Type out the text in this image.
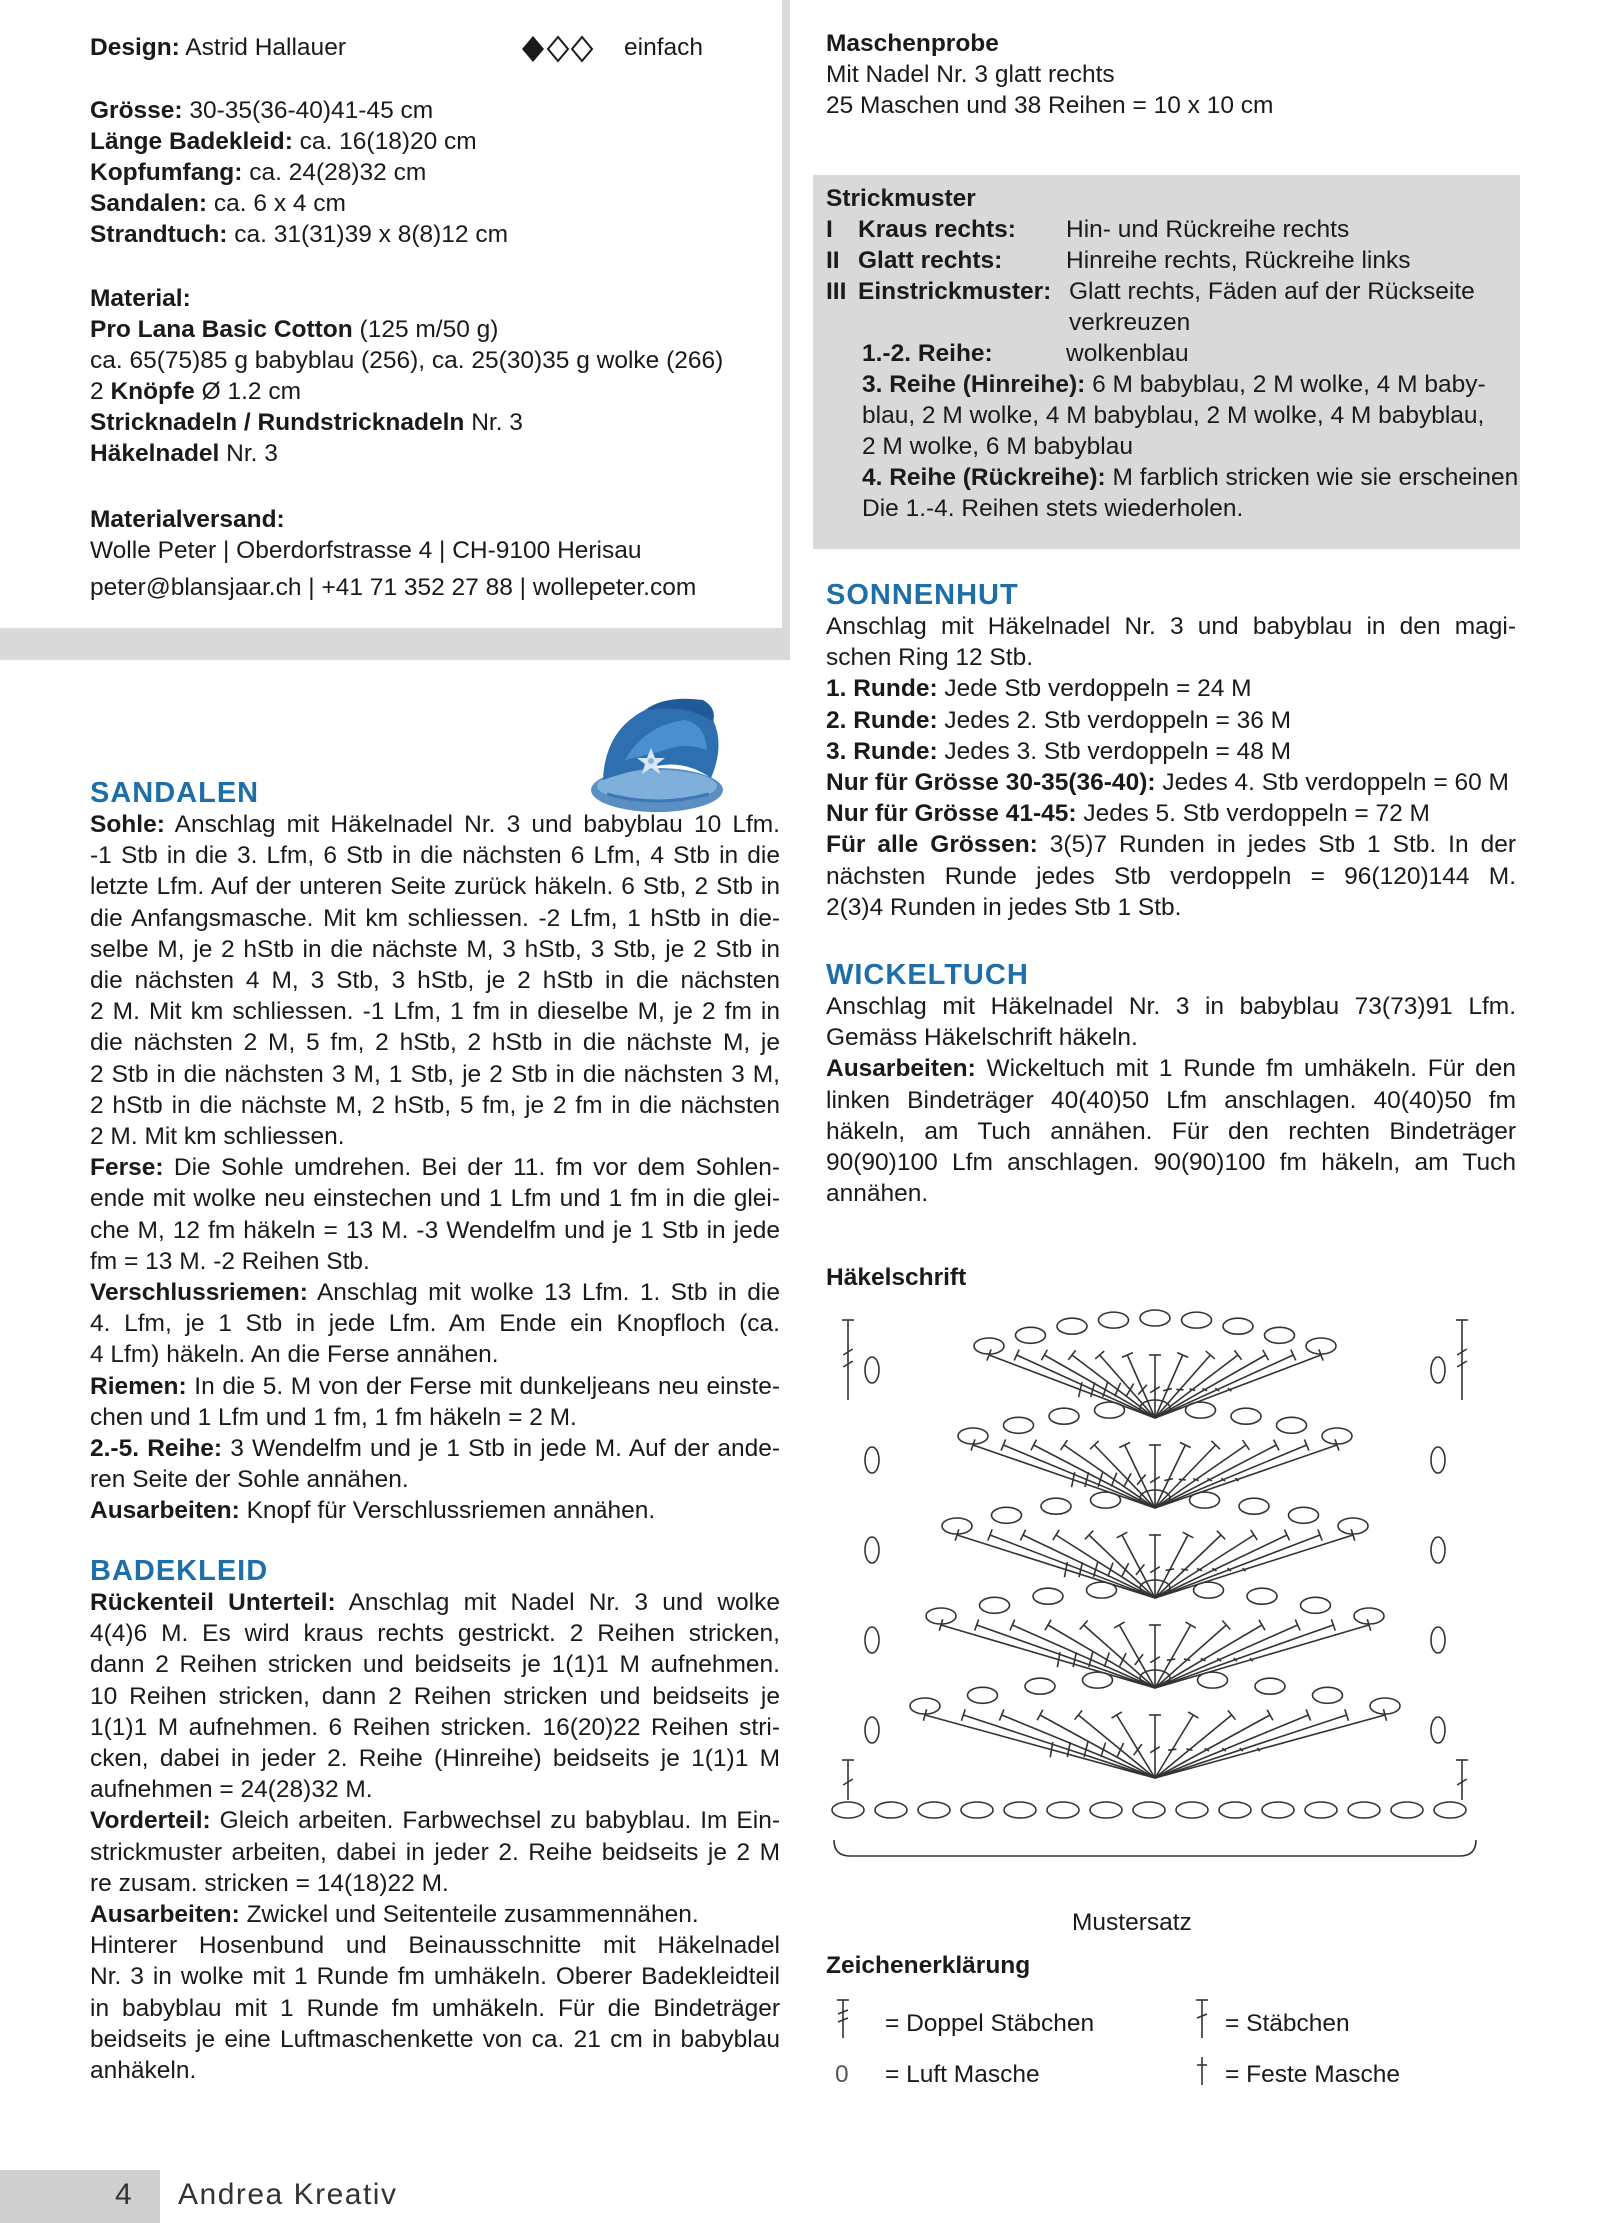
Design: Astrid Hallauer	einfach
Grösse: 30-35(36-40)41-45 cm
Länge Badekleid: ca. 16(18)20 cm
Kopfumfang: ca. 24(28)32 cm
Sandalen: ca. 6 x 4 cm
Strandtuch: ca. 31(31)39 x 8(8)12 cm
Material:
Pro Lana Basic Cotton (125 m/50 g)
ca. 65(75)85 g babyblau (256), ca. 25(30)35 g wolke (266)
2 Knöpfe Ø 1.2 cm
Stricknadeln / Rundstricknadeln Nr. 3
Häkelnadel Nr. 3
Materialversand:
Wolle Peter | Oberdorfstrasse 4 | CH-9100 Herisau
peter@blansjaar.ch | +41 71 352 27 88 | wollepeter.com
Maschenprobe
Mit Nadel Nr. 3 glatt rechts
25 Maschen und 38 Reihen = 10 x 10 cm
Strickmuster
I Kraus rechts: Hin- und Rückreihe rechts
II Glatt rechts:	Hinreihe rechts, Rückreihe links
III Einstrickmuster: Glatt rechts, Fäden auf der Rückseite
verkreuzen
1.-2. Reihe:	wolkenblau
3. Reihe (Hinreihe): 6 M babyblau, 2 M wolke, 4 M baby-
blau, 2 M wolke, 4 M babyblau, 2 M wolke, 4 M babyblau,
2 M wolke, 6 M babyblau
4. Reihe (Rückreihe): M farblich stricken wie sie erscheinen
Die 1.-4. Reihen stets wiederholen.
SANDALEN
Sohle: Anschlag mit Häkelnadel Nr. 3 und babyblau 10 Lfm.
-1 Stb in die 3. Lfm, 6 Stb in die nächsten 6 Lfm, 4 Stb in die
letzte Lfm. Auf der unteren Seite zurück häkeln. 6 Stb, 2 Stb in
die Anfangsmasche. Mit km schliessen. -2 Lfm, 1 hStb in die-
selbe M, je 2 hStb in die nächste M, 3 hStb, 3 Stb, je 2 Stb in
die nächsten 4 M, 3 Stb, 3 hStb, je 2 hStb in die nächsten
2 M. Mit km schliessen. -1 Lfm, 1 fm in dieselbe M, je 2 fm in
die nächsten 2 M, 5 fm, 2 hStb, 2 hStb in die nächste M, je
2 Stb in die nächsten 3 M, 1 Stb, je 2 Stb in die nächsten 3 M,
2 hStb in die nächste M, 2 hStb, 5 fm, je 2 fm in die nächsten
2 M. Mit km schliessen.
Ferse: Die Sohle umdrehen. Bei der 11. fm vor dem Sohlen-
ende mit wolke neu einstechen und 1 Lfm und 1 fm in die glei-
che M, 12 fm häkeln = 13 M. -3 Wendelfm und je 1 Stb in jede
fm = 13 M. -2 Reihen Stb.
Verschlussriemen: Anschlag mit wolke 13 Lfm. 1. Stb in die
4. Lfm, je 1 Stb in jede Lfm. Am Ende ein Knopfloch (ca.
4 Lfm) häkeln. An die Ferse annähen.
Riemen: In die 5. M von der Ferse mit dunkeljeans neu einste-
chen und 1 Lfm und 1 fm, 1 fm häkeln = 2 M.
2.-5. Reihe: 3 Wendelfm und je 1 Stb in jede M. Auf der ande-
ren Seite der Sohle annähen.
Ausarbeiten: Knopf für Verschlussriemen annähen.
BADEKLEID
Rückenteil Unterteil: Anschlag mit Nadel Nr. 3 und wolke
4(4)6 M. Es wird kraus rechts gestrickt. 2 Reihen stricken,
dann 2 Reihen stricken und beidseits je 1(1)1 M aufnehmen.
10 Reihen stricken, dann 2 Reihen stricken und beidseits je
1(1)1 M aufnehmen. 6 Reihen stricken. 16(20)22 Reihen stri-
cken, dabei in jeder 2. Reihe (Hinreihe) beidseits je 1(1)1 M
aufnehmen = 24(28)32 M.
Vorderteil: Gleich arbeiten. Farbwechsel zu babyblau. Im Ein-
strickmuster arbeiten, dabei in jeder 2. Reihe beidseits je 2 M
re zusam. stricken = 14(18)22 M.
Ausarbeiten: Zwickel und Seitenteile zusammennähen.
Hinterer Hosenbund und Beinausschnitte mit Häkelnadel
Nr. 3 in wolke mit 1 Runde fm umhäkeln. Oberer Badekleidteil
in babyblau mit 1 Runde fm umhäkeln. Für die Bindeträger
beidseits je eine Luftmaschenkette von ca. 21 cm in babyblau
anhäkeln.
SONNENHUT
Anschlag mit Häkelnadel Nr. 3 und babyblau in den magi-
schen Ring 12 Stb.
1. Runde: Jede Stb verdoppeln = 24 M
2. Runde: Jedes 2. Stb verdoppeln = 36 M
3. Runde: Jedes 3. Stb verdoppeln = 48 M
Nur für Grösse 30-35(36-40): Jedes 4. Stb verdoppeln = 60 M
Nur für Grösse 41-45: Jedes 5. Stb verdoppeln = 72 M
Für alle Grössen: 3(5)7 Runden in jedes Stb 1 Stb. In der
nächsten Runde jedes Stb verdoppeln = 96(120)144 M.
2(3)4 Runden in jedes Stb 1 Stb.
WICKELTUCH
Anschlag mit Häkelnadel Nr. 3 in babyblau 73(73)91 Lfm.
Gemäss Häkelschrift häkeln.
Ausarbeiten: Wickeltuch mit 1 Runde fm umhäkeln. Für den
linken Bindeträger 40(40)50 Lfm anschlagen. 40(40)50 fm
häkeln, am Tuch annähen. Für den rechten Bindeträger
90(90)100 Lfm anschlagen. 90(90)100 fm häkeln, am Tuch
annähen.
Häkelschrift
Mustersatz
Zeichenerklärung
= Doppel Stäbchen	= Stäbchen
0 = Luft Masche	= Feste Masche
4 Andrea Kreativ
